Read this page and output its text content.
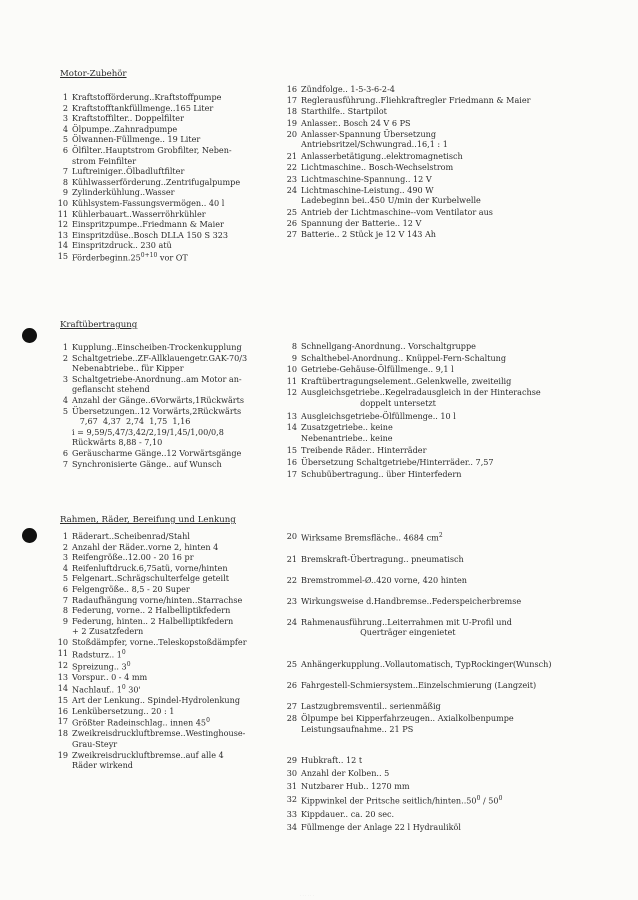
Motor-Zubehör
1 Kraftstofförderung..Kraftstoffpumpe
2 Kraftstofftankfüllmenge..165 Liter
3 Kraftstoffilter.. Doppelfilter
4 Ölpumpe..Zahnradpumpe
5 Ölwannen-Füllmenge.. 19 Liter
6 Ölfilter..Hauptstrom Grobfilter, Neben-
strom Feinfilter
7 Luftreiniger..Ölbadluftfilter
8 Kühlwasserförderung..Zentrifugalpumpe
9 Zylinderkühlung..Wasser
10 Kühlsystem-Fassungsvermögen.. 40 l
11 Kühlerbauart..Wasserröhrkühler
12 Einspritzpumpe..Friedmann & Maier
13 Einspritzdüse..Bosch DLLA 150 S 323
14 Einspritzdruck.. 230 atü
15 $Förderbeginn.25^{0+10}$ vor OT
16 Zündfolge.. 1-5-3-6-2-4
17 Reglerausführung..Fliehkraftregler Friedmann & Maier
18 Starthilfe.. Startpilot
19 Anlasser.. Bosch 24 V 6 PS
20 Anlasser-Spannung Übersetzung
Antriebsritzel/Schwungrad..16,1 : 1
21 Anlasserbetätigung..elektromagnetisch
22 Lichtmaschine.. Bosch-Wechselstrom
23 Lichtmaschine-Spannung.. 12 V
24 Lichtmaschine-Leistung.. 490 W
Ladebeginn bei..450 U/min der Kurbelwelle
25 Antrieb der Lichtmaschine--vom Ventilator aus
26 Spannung der Batterie.. 12 V
27 Batterie.. 2 Stück je 12 V 143 Ah
Kraftübertragung
1 Kupplung..Einscheiben-Trockenkupplung
2 Schaltgetriebe..ZF-Allklauengetr.GAK-70/3
Nebenabtriebe.. für Kipper
3 Schaltgetriebe-Anordnung..am Motor an-
geflanscht stehend
4 Anzahl der Gänge..6Vorwärts,1Rückwärts
5 Übersetzungen..12 Vorwärts,2Rückwärts
7,67  4,37  2,74  1,75  1,16
i = 9,59/5,47/3,42/2,19/1,45/1,00/0,8
Rückwärts 8,88 - 7,10
6 Geräuscharme Gänge..12 Vorwärtsgänge
7 Synchronisierte Gänge.. auf Wunsch
8 Schnellgang-Anordnung.. Vorschaltgruppe
9 Schalthebel-Anordnung.. Knüppel-Fern-Schaltung
10 Getriebe-Gehäuse-Ölfüllmenge.. 9,1 l
11 Kraftübertragungselement..Gelenkwelle, zweiteilig
12 Ausgleichsgetriebe..Kegelradausgleich in der Hinterachse
doppelt untersetzt
13 Ausgleichsgetriebe-Ölfüllmenge.. 10 l
14 Zusatzgetriebe.. keine
Nebenantriebe.. keine
15 Treibende Räder.. Hinterräder
16 Übersetzung Schaltgetriebe/Hinterräder.. 7,57
17 Schubübertragung.. über Hinterfedern
Rahmen, Räder, Bereifung und Lenkung
1 Räderart..Scheibenrad/Stahl
2 Anzahl der Räder..vorne 2, hinten 4
3 Reifengröße..12.00 - 20 16 pr
4 Reifenluftdruck.6,75atü, vorne/hinten
5 Felgenart..Schrägschulterfelge geteilt
6 Felgengröße.. 8,5 - 20 Super
7 Radaufhängung vorne/hinten..Starrachse
8 Federung, vorne.. 2 Halbelliptikfedern
9 Federung, hinten.. 2 Halbelliptikfedern
+ 2 Zusatzfedern
10 Stoßdämpfer, vorne..Teleskopstoßdämpfer
11 Radsturz.. $1^0$
12 Spreizung.. $3^0$
13 Vorspur.. 0 - 4 mm
14 Nachlauf.. $1^0$ 30'
15 Art der Lenkung.. Spindel-Hydrolenkung
16 Lenkübersetzung.. 20 : 1
17 Größter Radeinschlag.. innen $45^0$
18 Zweikreisdruckluftbremse..Westinghouse-
Grau-Steyr
19 Zweikreisdruckluftbremse..auf alle 4
Räder wirkend
20 Wirksame Bremsfläche.. 4684 $cm^2$
21 Bremskraft-Übertragung.. pneumatisch
22 Bremstrommel-Ø..420 vorne, 420 hinten
23 Wirkungsweise d.Handbremse..Federspeicherbremse
24 Rahmenausführung..Leiterrahmen mit U-Profil und
Querträger eingenietet
25 Anhängerkupplung..Vollautomatisch, TypRockinger(Wunsch)
26 Fahrgestell-Schmiersystem..Einzelschmierung (Langzeit)
27 Lastzugbremsventil.. serienmäßig
28 Ölpumpe bei Kipperfahrzeugen.. Axialkolbenpumpe
Leistungsaufnahme.. 21 PS
29 Hubkraft.. 12 t
30 Anzahl der Kolben.. 5
31 Nutzbarer Hub.. 1270 mm
32 Kippwinkel der Pritsche seitlich/hinten..50$^0$ / $50^0$
33 Kippdauer.. ca. 20 sec.
34 Füllmenge der Anlage 22 l Hydrauliköl
· · · · · ·
